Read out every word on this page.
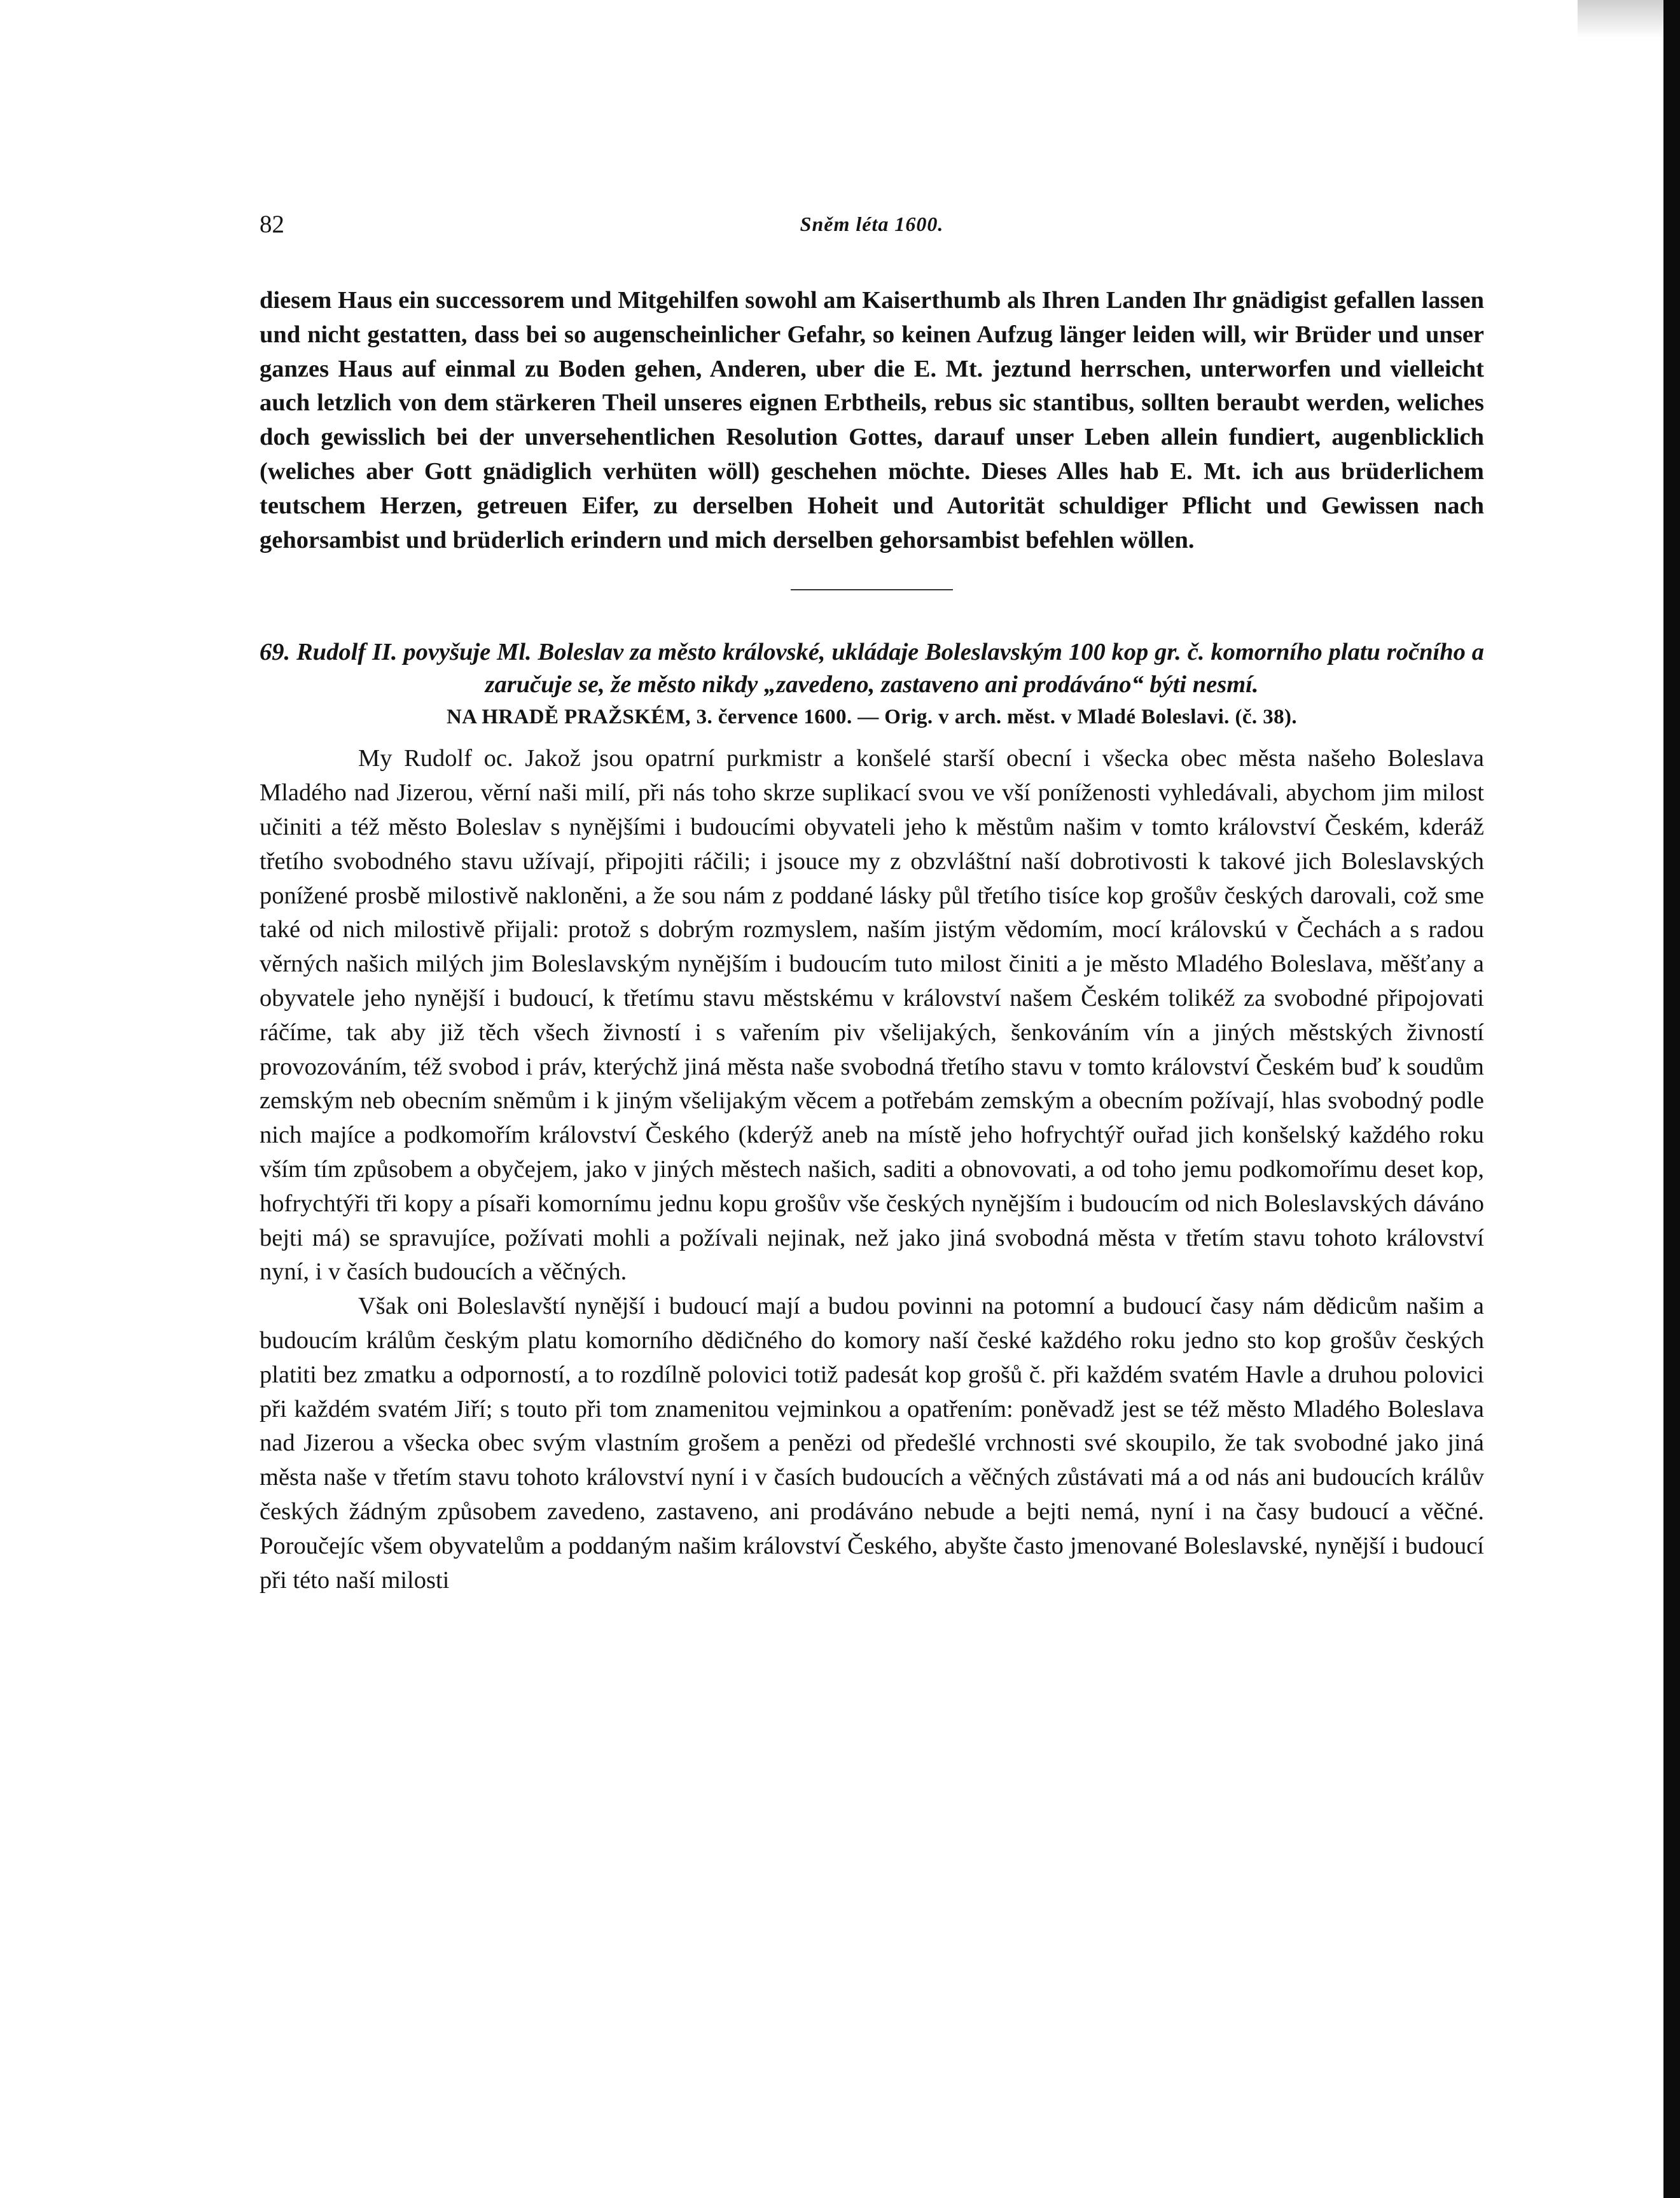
82	Sněm léta 1600.

diesem Haus ein successorem und Mitgehilfen sowohl am Kaiserthumb als Ihren Landen Ihr gnädigist gefallen lassen und nicht gestatten, dass bei so augenscheinlicher Gefahr, so keinen Aufzug länger leiden will, wir Brüder und unser ganzes Haus auf einmal zu Boden gehen, Anderen, uber die E. Mt. jeztund herrschen, unterworfen und vielleicht auch letzlich von dem stärkeren Theil unseres eignen Erbtheils, rebus sic stantibus, sollten beraubt werden, weliches doch gewisslich bei der unversehentlichen Resolution Gottes, darauf unser Leben allein fundiert, augenblicklich (weliches aber Gott gnädiglich verhüten wöll) geschehen möchte. Dieses Alles hab E. Mt. ich aus brüderlichem teutschem Herzen, getreuen Eifer, zu derselben Hoheit und Autorität schuldiger Pflicht und Gewissen nach gehorsambist und brüderlich erindern und mich derselben gehorsambist befehlen wöllen.

69. Rudolf II. povyšuje Ml. Boleslav za město královské, ukládaje Boleslavským 100 kop gr. č. komorního platu ročního a zaručuje se, že město nikdy „zavedeno, zastaveno ani prodáváno“ býti nesmí.

NA HRADĚ PRAŽSKÉM, 3. července 1600. — Orig. v arch. měst. v Mladé Boleslavi. (č. 38).

My Rudolf oc. Jakož jsou opatrní purkmistr a konšelé starší obecní i všecka obec města našeho Boleslava Mladého nad Jizerou, věrní naši milí, při nás toho skrze suplikací svou ve vší poníženosti vyhledávali, abychom jim milost učiniti a též město Boleslav s nynějšími i budoucími obyvateli jeho k městům našim v tomto království Českém, kderáž třetího svobodného stavu užívají, připojiti ráčili; i jsouce my z obzvláštní naší dobrotivosti k takové jich Boleslavských ponížené prosbě milostivě nakloněni, a že sou nám z poddané lásky půl třetího tisíce kop grošův českých darovali, což sme také od nich milostivě přijali: protož s dobrým rozmyslem, naším jistým vědomím, mocí královskú v Čechách a s radou věrných našich milých jim Boleslavským nynějším i budoucím tuto milost činiti a je město Mladého Boleslava, měšťany a obyvatele jeho nynější i budoucí, k třetímu stavu městskému v království našem Českém tolikéž za svobodné připojovati ráčíme, tak aby již těch všech živností i s vařením piv všelijakých, šenkováním vín a jiných městských živností provozováním, též svobod i práv, kterýchž jiná města naše svobodná třetího stavu v tomto království Českém buď k soudům zemským neb obecním sněmům i k jiným všelijakým věcem a potřebám zemským a obecním požívají, hlas svobodný podle nich majíce a podkomořím království Českého (kderýž aneb na místě jeho hofrychtýř ouřad jich konšelský každého roku vším tím způsobem a obyčejem, jako v jiných městech našich, saditi a obnovovati, a od toho jemu podkomořímu deset kop, hofrychtýři tři kopy a písaři komornímu jednu kopu grošův vše českých nynějším i budoucím od nich Boleslavských dáváno bejti má) se spravujíce, požívati mohli a požívali nejinak, než jako jiná svobodná města v třetím stavu tohoto království nyní, i v časích budoucích a věčných.

Však oni Boleslavští nynější i budoucí mají a budou povinni na potomní a budoucí časy nám dědicům našim a budoucím králům českým platu komorního dědičného do komory naší české každého roku jedno sto kop grošův českých platiti bez zmatku a odporností, a to rozdílně polovici totiž padesát kop grošů č. při každém svatém Havle a druhou polovici při každém svatém Jiří; s touto při tom znamenitou vejminkou a opatřením: poněvadž jest se též město Mladého Boleslava nad Jizerou a všecka obec svým vlastním grošem a penězi od předešlé vrchnosti své skoupilo, že tak svobodné jako jiná města naše v třetím stavu tohoto království nyní i v časích budoucích a věčných zůstávati má a od nás ani budoucích králův českých žádným způsobem zavedeno, zastaveno, ani prodáváno nebude a bejti nemá, nyní i na časy budoucí a věčné. Poroučejíc všem obyvatelům a poddaným našim království Českého, abyšte často jmenované Boleslavské, nynější i budoucí při této naší milosti
